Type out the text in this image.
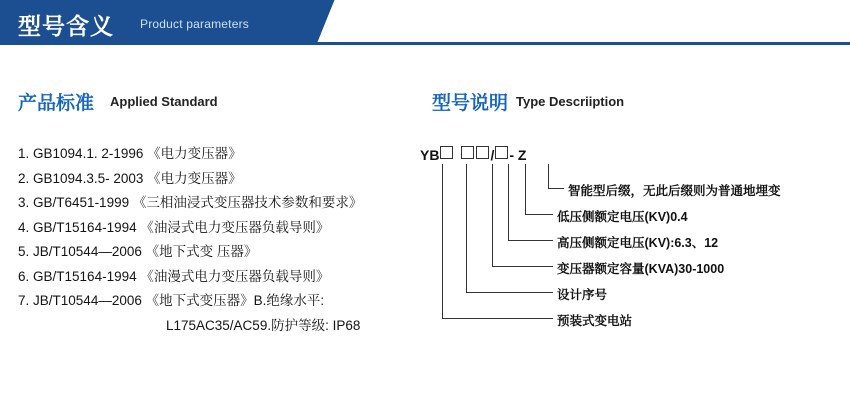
型号含义 Product parameters
产品标准 Applied Standard
1. GB1094.1. 2-1996 《电力变压器》
2. GB1094.3.5- 2003 《电力变压器》
3. GB/T6451-1999 《三相油浸式变压器技术参数和要求》
4. GB/T15164-1994 《油浸式电力变压器负载导则》
5. JB/T10544—2006 《地下式变 压器》
6. GB/T15164-1994 《油漫式电力变压器负载导则》
7. JB/T10544—2006 《地下式变压器》B.绝缘水平:
L175AC35/AC59.防护等级: IP68
型号说明 Type Descriiption
YB	/ - Z
智能型后缀，无此后缀则为普通地埋变
低压侧额定电压(KV)0.4
高压侧额定电压(KV):6.3、12
变压器额定容量(KVA)30-1000
设计序号
预装式变电站
